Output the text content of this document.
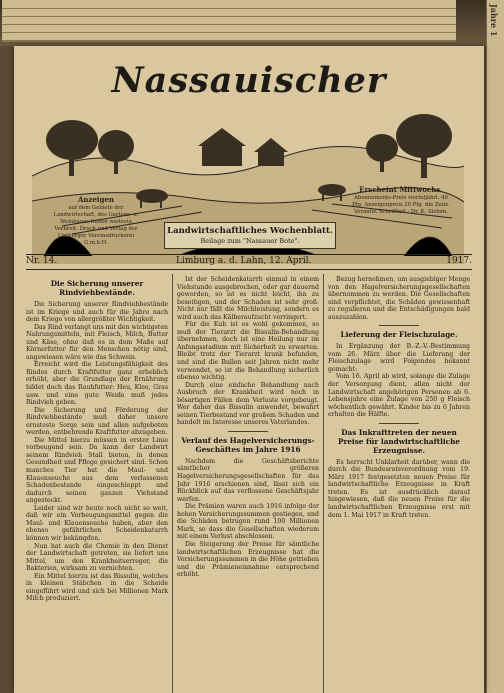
Jahre 1
Nassauischer
Anzeigen
auf dem Gebiete der Landwirtschaft, des Gartens- u. Weinbaues finden weiteste Verbreit. Druck und Verlag der Limburger Vereinsdruckerei G.m.b.H.
Erscheint Mittwochs.
Abonnements-Preis vierteljährl. 40 Pfg. Anzeigenpreis 20 Pfg. die Zeile. Verantw. Schriftleit.: Dr. K. Sieben.
Landwirtschaftliches Wochenblatt.
Beilage zum "Nassauer Bote".
Nr. 14.	Limburg a. d. Lahn, 12. April.	1917.
Die Sicherung unserer Rindviehbestände.

Die Sicherung unserer Rindviehbestände ist im Kriege und auch für die Jahre nach dem Kriege von allergrößter Wichtigkeit.

Das Rind verlangt uns mit den wichtigsten Nahrungsmitteln, mit Fleisch, Milch, Butter und Käse, ohne daß es in dem Maße auf Körnerfutter für den Menschen nötig sind, angewiesen wäre wie das Schwein.

Erreicht wird die Leistungsfähigkeit des Rindes durch Kraftfutter ganz erheblich erhöht, aber die Grundlage der Ernährung bildet doch das Rauhfutter: Heu, Klee, Gras usw. und eine gute Weide muß jedes Rindvieh geben.

Die Sicherung und Förderung der Rindviehbestände muß daher unsere ernsteste Sorge sein und allen aufgeboten werden, entbehrende Kraftfutter abzugeben.

Die Mittel hierzu müssen in erster Linie vorbeugend sein. Da kann der Landwirt seinem Rindvieh Stall bieten, in denen Gesundheit und Pflege gesichert sind. Schon manches Tier hat die Maul- und Klauenseuche aus dem verlassenen Schadenbestande eingeschleppt und dadurch seinen ganzen Viehstand angesteckt.

Leider sind wir heute noch nicht so weit, daß wir ein Vorbeugungsmittel gegen die Maul- und Klauenseuche haben, aber den ebenso gefährlichen Scheidenkatarrh können wir bekämpfen.

Nun hat auch die Chemie in den Dienst der Landwirtschaft getreten, sie liefert uns Mittel, um den Krankheitserreger, die Bakterien, wirksam zu vernichten.

Ein Mittel hierzu ist das Bissulin, welches in kleinen Stäbchen in die Scheide eingeführt wird und sich bei Millionen Mark Milch produziert.

Ist der Scheidenkatarrh einmal in einem Viehstande ausgebrochen, oder gar dauernd geworden, so ist es nicht leicht, ihn zu beseitigen, und der Schaden ist sehr groß. Nicht nur fällt die Milchleistung, sondern es wird auch das Kälberaufzucht verringert.

Für die Kuh ist es wohl gekommen, so muß der Tierarzt die Bissulin-Behandlung übernehmen, doch ist eine Heilung nur im Anfangsstadium mit Sicherheit zu erwarten. Bleibt trotz der Tierarzt krank befunden, und sind die Bullen seit Jahren nicht mehr verwendet, so ist die Behandlung sicherlich ebenso wichtig.

Durch eine einfache Behandlung nach Ausbruch der Krankheit wird noch in bösartigen Fällen dem Verluste vorgebeugt. Wer daher das Bissulin anwendet, bewahrt seinen Tierbestand vor großem Schaden und handelt im Interesse unseres Vaterlandes.

Verlauf des Hagelversicherungs-Geschäftes im Jahre 1916

Nachdem die Geschäftsberichte sämtlicher größeren Hagelversicherungsgesellschaften für das Jahr 1916 erschienen sind, lässt sich ein Rückblick auf das verflossene Geschäftsjahr werfen.

Die Prämien waren auch 1916 infolge der hohen Versicherungssummen gestiegen, und die Schäden betrugen rund 100 Millionen Mark, so dass die Gesellschaften wiederum mit einem Verlust abschlossen.

Die Steigerung der Preise für sämtliche landwirtschaftlichen Erzeugnisse hat die Versicherungssummen in die Höhe getrieben und die Prämieneinnahme entsprechend erhöht.

Bezug hernehmen, um ausgiebiger Menge von den Hagelversicherungsgesellschaften übernommen zu werden. Die Gesellschaften sind verpflichtet, die Schäden gewissenhaft zu regulieren und die Entschädigungen bald auszuzahlen.

Lieferung der Fleischzulage.

In Ergänzung der B.-Z.-V.-Bestimmung vom 26. März über die Lieferung der Fleischzulage wird Folgendes bekannt gemacht:

Vom 16. April ab wird, solange die Zulage der Versorgung dient, allen nicht der Landwirtschaft angehörigen Personen ab 6. Lebensjahre eine Zulage von 250 g Fleisch wöchentlich gewährt. Kinder bis zu 6 Jahren erhalten die Hälfte.

Das Inkrafttreten der neuen Preise für landwirtschaftliche Erzeugnisse.

Es herrscht Unklarheit darüber, wann die durch die Bundesratsverordnung vom 19. März 1917 festgesetzten neuen Preise für landwirtschaftliche Erzeugnisse in Kraft treten. Es ist ausdrücklich darauf hingewiesen, daß die neuen Preise für die landwirtschaftlichen Erzeugnisse erst mit dem 1. Mai 1917 in Kraft treten.
